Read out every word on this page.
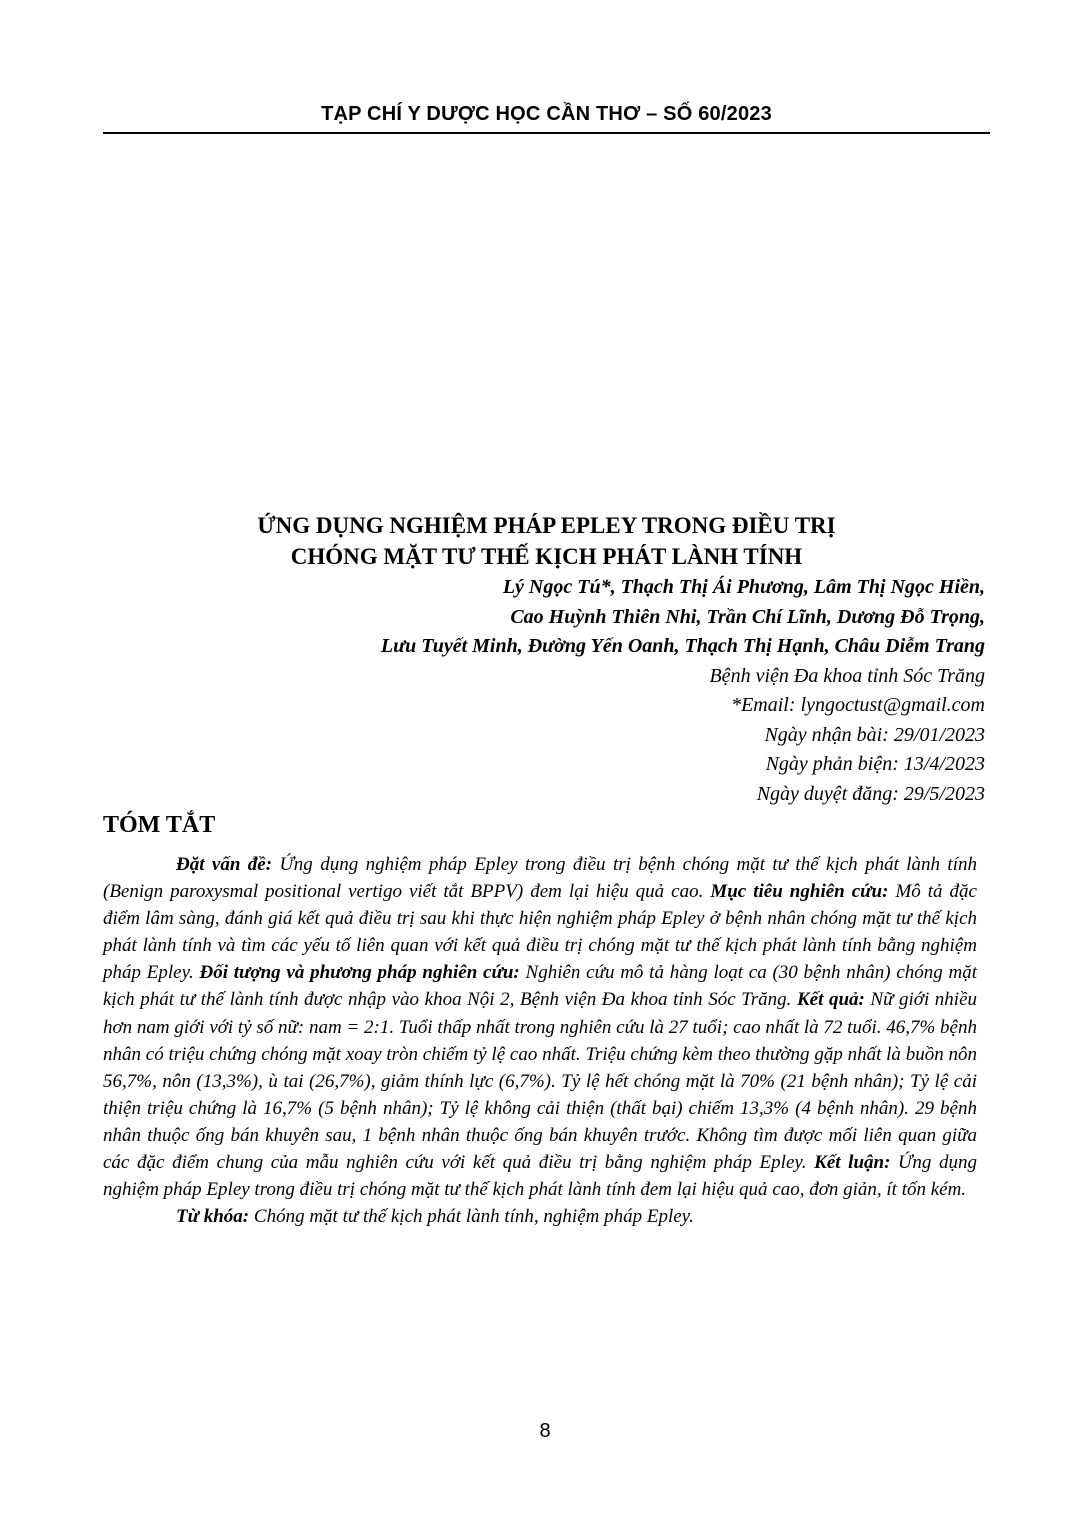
TẠP CHÍ Y DƯỢC HỌC CẦN THƠ – SỐ 60/2023
ỨNG DỤNG NGHIỆM PHÁP EPLEY TRONG ĐIỀU TRỊ
CHÓNG MẶT TƯ THẾ KỊCH PHÁT LÀNH TÍNH
Lý Ngọc Tú*, Thạch Thị Ái Phương, Lâm Thị Ngọc Hiền,
Cao Huỳnh Thiên Nhi, Trần Chí Lĩnh, Dương Đỗ Trọng,
Lưu Tuyết Minh, Đường Yến Oanh, Thạch Thị Hạnh, Châu Diễm Trang
Bệnh viện Đa khoa tỉnh Sóc Trăng
*Email: lyngoctust@gmail.com
Ngày nhận bài: 29/01/2023
Ngày phản biện: 13/4/2023
Ngày duyệt đăng: 29/5/2023
TÓM TẮT

Đặt vấn đề: Ứng dụng nghiệm pháp Epley trong điều trị bệnh chóng mặt tư thế kịch phát lành tính (Benign paroxysmal positional vertigo viết tắt BPPV) đem lại hiệu quả cao. Mục tiêu nghiên cứu: Mô tả đặc điểm lâm sàng, đánh giá kết quả điều trị sau khi thực hiện nghiệm pháp Epley ở bệnh nhân chóng mặt tư thế kịch phát lành tính và tìm các yếu tố liên quan với kết quả điều trị chóng mặt tư thế kịch phát lành tính bằng nghiệm pháp Epley. Đối tượng và phương pháp nghiên cứu: Nghiên cứu mô tả hàng loạt ca (30 bệnh nhân) chóng mặt kịch phát tư thế lành tính được nhập vào khoa Nội 2, Bệnh viện Đa khoa tỉnh Sóc Trăng. Kết quả: Nữ giới nhiều hơn nam giới với tỷ số nữ: nam = 2:1. Tuổi thấp nhất trong nghiên cứu là 27 tuổi; cao nhất là 72 tuổi. 46,7% bệnh nhân có triệu chứng chóng mặt xoay tròn chiếm tỷ lệ cao nhất. Triệu chứng kèm theo thường gặp nhất là buồn nôn 56,7%, nôn (13,3%), ù tai (26,7%), giảm thính lực (6,7%). Tỷ lệ hết chóng mặt là 70% (21 bệnh nhân); Tỷ lệ cải thiện triệu chứng là 16,7% (5 bệnh nhân); Tỷ lệ không cải thiện (thất bại) chiếm 13,3% (4 bệnh nhân). 29 bệnh nhân thuộc ống bán khuyên sau, 1 bệnh nhân thuộc ống bán khuyên trước. Không tìm được mối liên quan giữa các đặc điểm chung của mẫu nghiên cứu với kết quả điều trị bằng nghiệm pháp Epley. Kết luận: Ứng dụng nghiệm pháp Epley trong điều trị chóng mặt tư thế kịch phát lành tính đem lại hiệu quả cao, đơn giản, ít tốn kém.

Từ khóa: Chóng mặt tư thế kịch phát lành tính, nghiệm pháp Epley.

8
